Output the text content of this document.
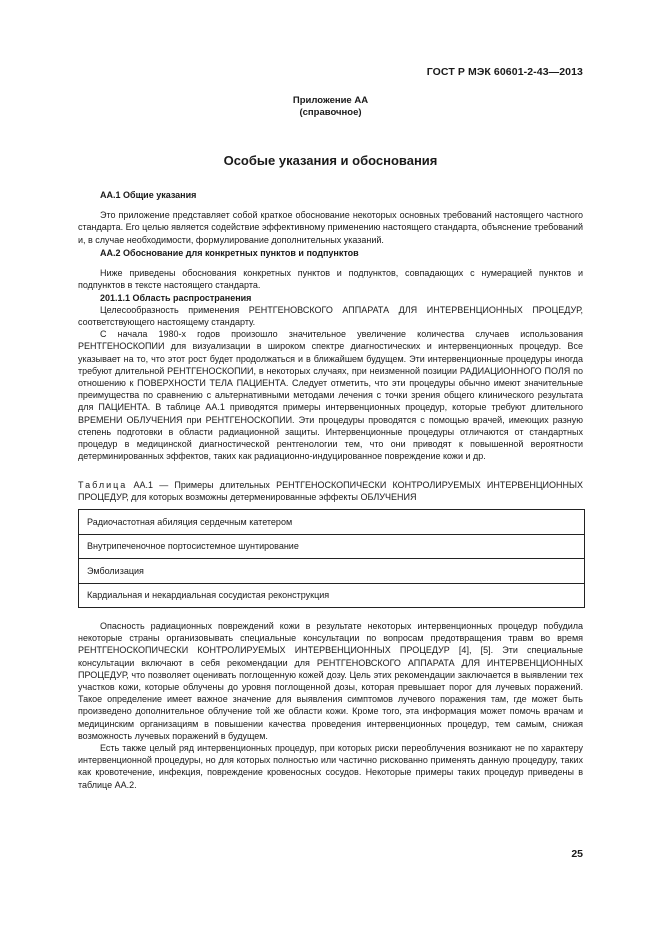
ГОСТ Р МЭК 60601-2-43—2013
Приложение АА
(справочное)
Особые указания и обоснования

АА.1 Общие указания

Это приложение представляет собой краткое обоснование некоторых основных требований настоящего частного стандарта. Его целью является содействие эффективному применению настоящего стандарта, объяснение требований и, в случае необходимости, формулирование дополнительных указаний.

АА.2 Обоснование для конкретных пунктов и подпунктов

Ниже приведены обоснования конкретных пунктов и подпунктов, совпадающих с нумерацией пунктов и подпунктов в тексте настоящего стандарта.

201.1.1 Область распространения

Целесообразность применения РЕНТГЕНОВСКОГО АППАРАТА ДЛЯ ИНТЕРВЕНЦИОННЫХ ПРОЦЕДУР, соответствующего настоящему стандарту.

С начала 1980-х годов произошло значительное увеличение количества случаев использования РЕНТГЕНОСКОПИИ для визуализации в широком спектре диагностических и интервенционных процедур. Все указывает на то, что этот рост будет продолжаться и в ближайшем будущем. Эти интервенционные процедуры иногда требуют длительной РЕНТГЕНОСКОПИИ, в некоторых случаях, при неизменной позиции РАДИАЦИОННОГО ПОЛЯ по отношению к ПОВЕРХНОСТИ ТЕЛА ПАЦИЕНТА. Следует отметить, что эти процедуры обычно имеют значительные преимущества по сравнению с альтернативными методами лечения с точки зрения общего клинического результата для ПАЦИЕНТА. В таблице АА.1 приводятся примеры интервенционных процедур, которые требуют длительного ВРЕМЕНИ ОБЛУЧЕНИЯ при РЕНТГЕНОСКОПИИ. Эти процедуры проводятся с помощью врачей, имеющих разную степень подготовки в области радиационной защиты. Интервенционные процедуры отличаются от стандартных процедур в медицинской диагностической рентгенологии тем, что они приводят к повышенной вероятности детерминированных эффектов, таких как радиационно-индуцированное повреждение кожи и др.

Таблица АА.1 — Примеры длительных РЕНТГЕНОСКОПИЧЕСКИ КОНТРОЛИРУЕМЫХ ИНТЕРВЕНЦИОННЫХ ПРОЦЕДУР, для которых возможны детерменированные эффекты ОБЛУЧЕНИЯ
Радиочастотная абиляция сердечным катетером
Внутрипеченочное портосистемное шунтирование
Эмболизация
Кардиальная и некардиальная сосудистая реконструкция

Опасность радиационных повреждений кожи в результате некоторых интервенционных процедур побудила некоторые страны организовывать специальные консультации по вопросам предотвращения травм во время РЕНТГЕНОСКОПИЧЕСКИ КОНТРОЛИРУЕМЫХ ИНТЕРВЕНЦИОННЫХ ПРОЦЕДУР [4], [5]. Эти специальные консультации включают в себя рекомендации для РЕНТГЕНОВСКОГО АППАРАТА ДЛЯ ИНТЕРВЕНЦИОННЫХ ПРОЦЕДУР, что позволяет оценивать поглощенную кожей дозу. Цель этих рекомендации заключается в выявлении тех участков кожи, которые облучены до уровня поглощенной дозы, которая превышает порог для лучевых поражений. Такое определение имеет важное значение для выявления симптомов лучевого поражения там, где может быть произведено дополнительное облучение той же области кожи. Кроме того, эта информация может помочь врачам и медицинским организациям в повышении качества проведения интервенционных процедур, тем самым, снижая возможность лучевых поражений в будущем.

Есть также целый ряд интервенционных процедур, при которых риски переоблучения возникают не по характеру интервенционной процедуры, но для которых полностью или частично рискованно применять данную процедуру, таких как кровотечение, инфекция, повреждение кровеносных сосудов. Некоторые примеры таких процедур приведены в таблице АА.2.

25
